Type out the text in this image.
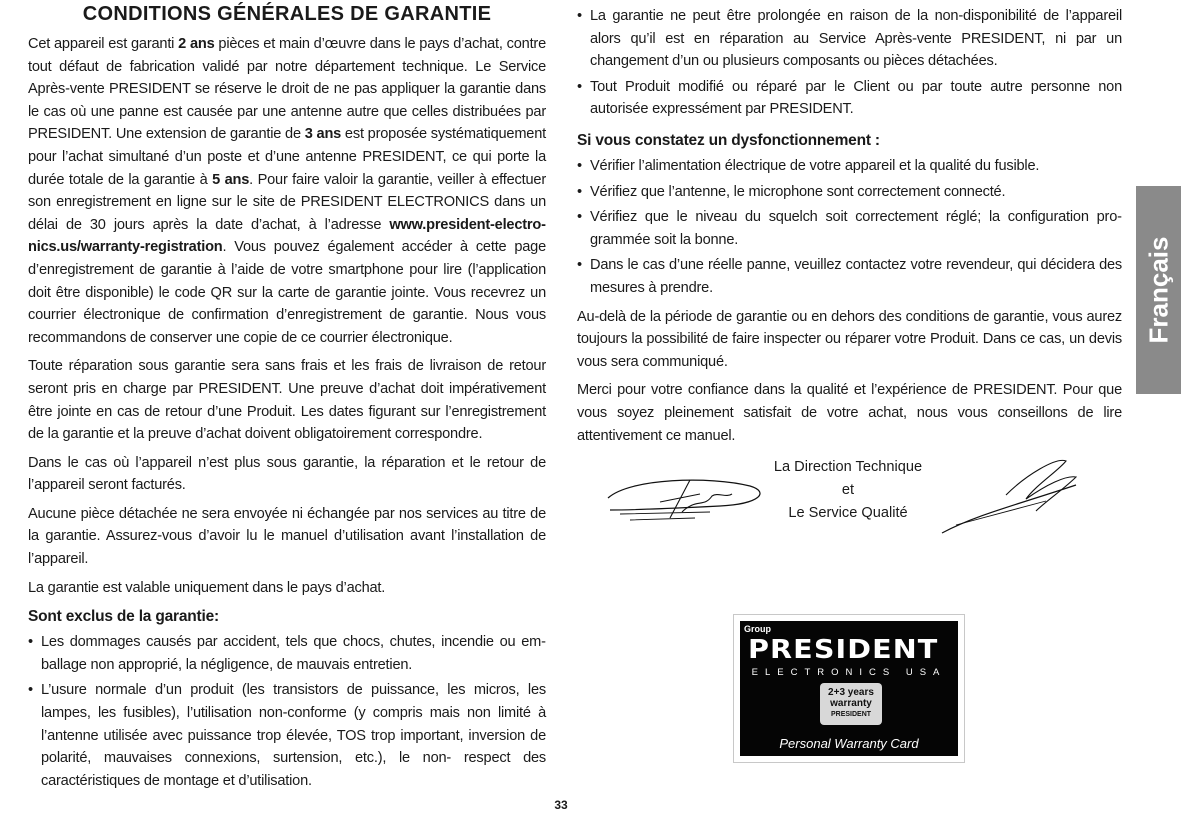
CONDITIONS GÉNÉRALES DE GARANTIE

Cet appareil est garanti 2 ans pièces et main d’œuvre dans le pays d’achat, contre tout défaut de fabrication validé par notre département technique. Le Service Après-vente PRESIDENT se réserve le droit de ne pas appliquer la garantie dans le cas où une panne est causée par une antenne autre que celles distribuées par PRESIDENT. Une extension de garantie de 3 ans est proposée systématiquement pour l’achat simultané d’un poste et d’une antenne PRESIDENT, ce qui porte la durée totale de la garantie à 5 ans. Pour faire valoir la garantie, veiller à effectuer son enregistrement en ligne sur le site de PRESIDENT ELECTRONICS dans un délai de 30 jours après la date d’achat, à l’adresse www.president-electronics.us/warranty-registration. Vous pouvez également accéder à cette page d’enregistrement de garantie à l’aide de votre smartphone pour lire (l’application doit être disponible) le code QR sur la carte de garantie jointe. Vous recevrez un courrier électronique de confirmation d’enregistrement de garantie. Nous vous recommandons de conserver une copie de ce courrier électronique.

Toute réparation sous garantie sera sans frais et les frais de livraison de retour seront pris en charge par PRESIDENT. Une preuve d’achat doit impérativement être jointe en cas de retour d’une Produit. Les dates figurant sur l’enregistrement de la garantie et la preuve d’achat doivent obligatoirement correspondre.

Dans le cas où l’appareil n’est plus sous garantie, la réparation et le retour de l’appareil seront facturés.

Aucune pièce détachée ne sera envoyée ni échangée par nos services au titre de la garantie. Assurez-vous d’avoir lu le manuel d’utilisation avant l’installation de l’appareil.

La garantie est valable uniquement dans le pays d’achat.

Sont exclus de la garantie:
• Les dommages causés par accident, tels que chocs, chutes, incendie ou emballage non approprié, la négligence, de mauvais entretien.
• L’usure normale d’un produit (les transistors de puissance, les micros, les lampes, les fusibles), l’utilisation non-conforme (y compris mais non limité à l’antenne utilisée avec puissance trop élevée, TOS trop important, inversion de polarité, mauvaises connexions, surtension, etc.), le non- respect des caractéristiques de montage et d’utilisation.
• La garantie ne peut être prolongée en raison de la non-disponibilité de l’appareil alors qu’il est en réparation au Service Après-vente PRESIDENT, ni par un changement d’un ou plusieurs composants ou pièces détachées.
• Tout Produit modifié ou réparé par le Client ou par toute autre personne non autorisée expressément par PRESIDENT.
Si vous constatez un dysfonctionnement :
• Vérifier l’alimentation électrique de votre appareil et la qualité du fusible.
• Vérifiez que l’antenne, le microphone sont correctement connecté.
• Vérifiez que le niveau du squelch soit correctement réglé; la configuration programmée soit la bonne.
• Dans le cas d’une réelle panne, veuillez contactez votre revendeur, qui décidera des mesures à prendre.

Au-delà de la période de garantie ou en dehors des conditions de garantie, vous aurez toujours la possibilité de faire inspecter ou réparer votre Produit. Dans ce cas, un devis vous sera communiqué.

Merci pour votre confiance dans la qualité et l’expérience de PRESIDENT. Pour que vous soyez pleinement satisfait de votre achat, nous vous conseillons de lire attentivement ce manuel.

Français
La Direction Technique
et
Le Service Qualité
Group
PRESIDENT
ELECTRONICS USA
2+3 years
warranty
PRESIDENT
Personal Warranty Card
33
